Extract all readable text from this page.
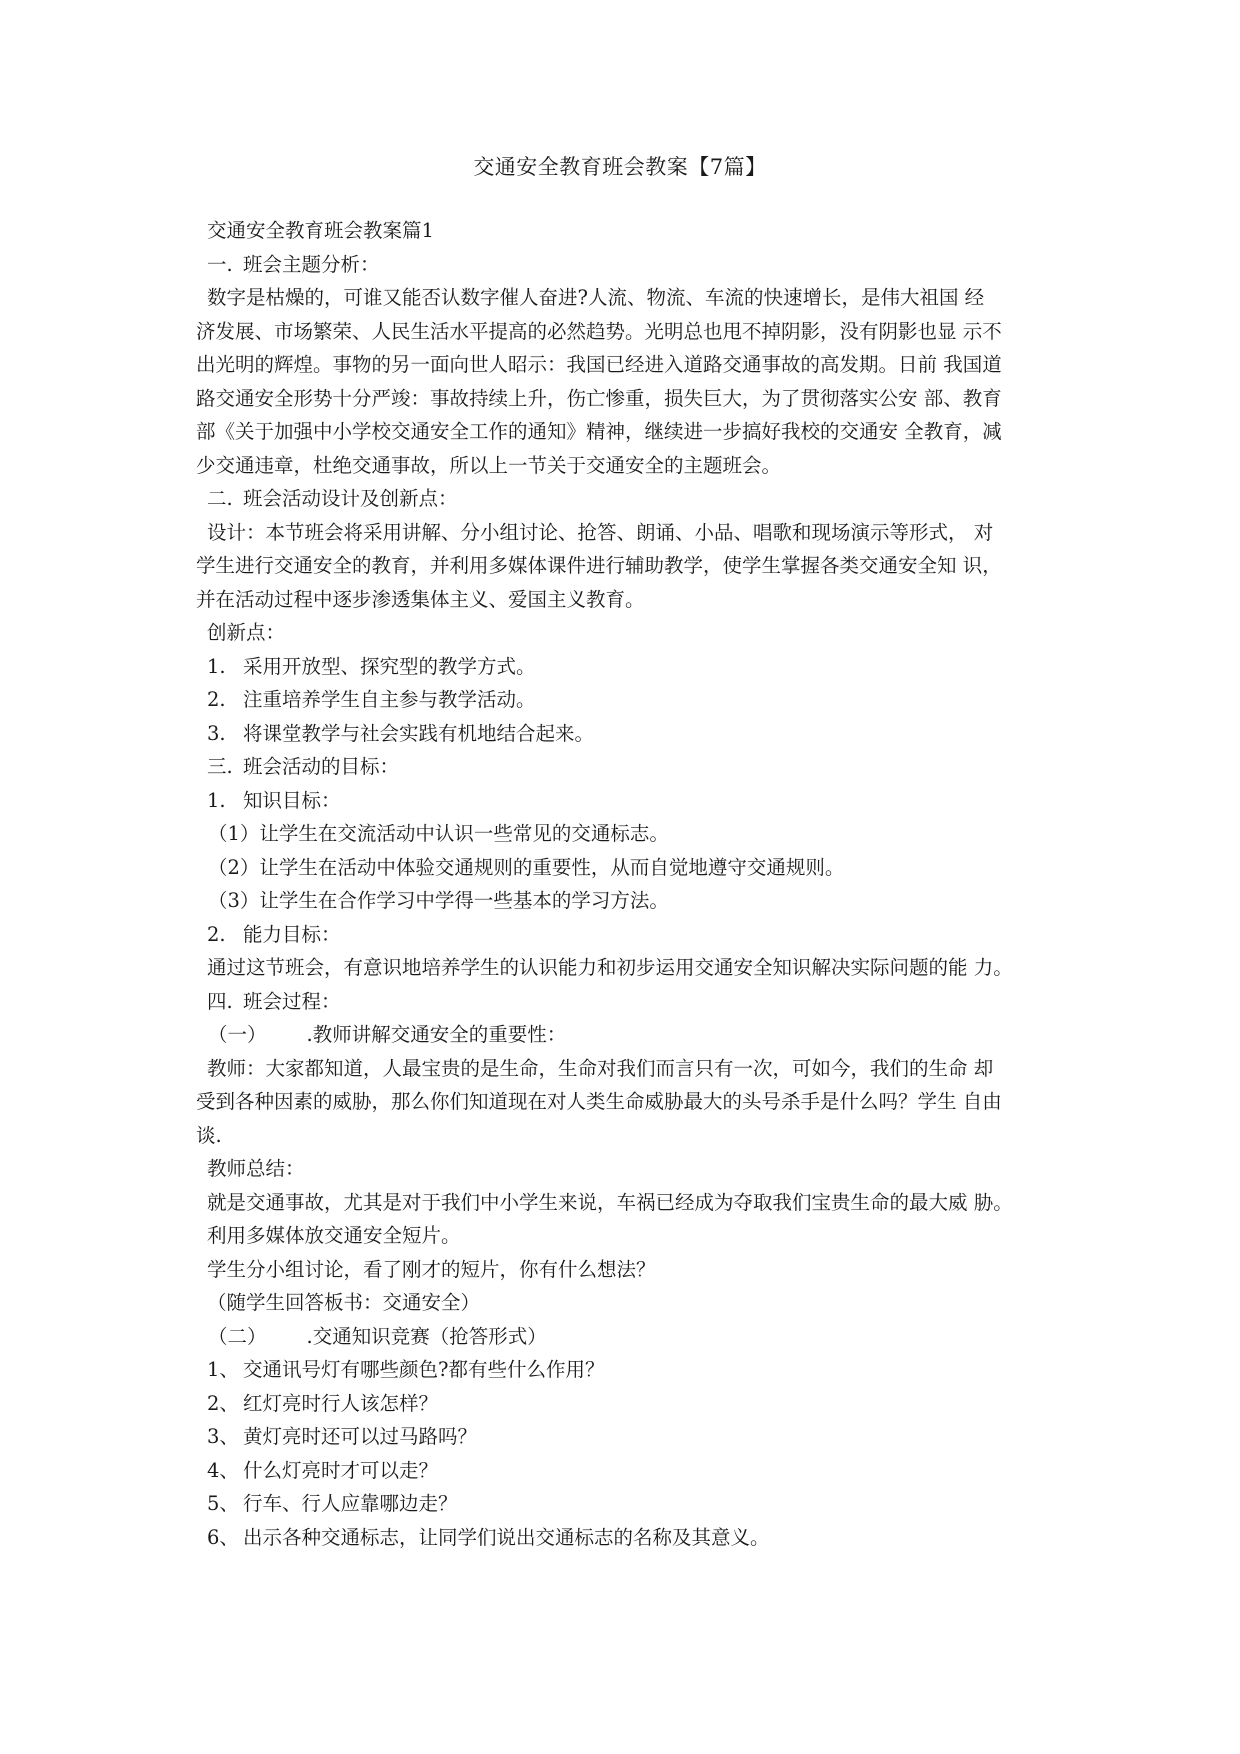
交通安全教育班会教案【7篇】
交通安全教育班会教案篇1
一. 班会主题分析：
数字是枯燥的，可谁又能否认数字催人奋进?人流、物流、车流的快速增长，是伟大祖国 经
济发展、市场繁荣、人民生活水平提高的必然趋势。光明总也甩不掉阴影，没有阴影也显 示不
出光明的辉煌。事物的另一面向世人昭示：我国已经进入道路交通事故的高发期。日前 我国道
路交通安全形势十分严竣：事故持续上升，伤亡惨重，损失巨大，为了贯彻落实公安 部、教育
部《关于加强中小学校交通安全工作的通知》精神，继续进一步搞好我校的交通安 全教育，减
少交通违章，杜绝交通事故，所以上一节关于交通安全的主题班会。
二. 班会活动设计及创新点：
设计：本节班会将采用讲解、分小组讨论、抢答、朗诵、小品、唱歌和现场演示等形式， 对
学生进行交通安全的教育，并利用多媒体课件进行辅助教学，使学生掌握各类交通安全知 识，
并在活动过程中逐步渗透集体主义、爱国主义教育。
创新点：
1. 采用开放型、探究型的教学方式。
2. 注重培养学生自主参与教学活动。
3. 将课堂教学与社会实践有机地结合起来。
三. 班会活动的目标：
1. 知识目标：
（1）让学生在交流活动中认识一些常见的交通标志。
（2）让学生在活动中体验交通规则的重要性，从而自觉地遵守交通规则。
（3）让学生在合作学习中学得一些基本的学习方法。
2. 能力目标：
通过这节班会，有意识地培养学生的认识能力和初步运用交通安全知识解决实际问题的能 力。
四. 班会过程：
（一） .教师讲解交通安全的重要性：
教师：大家都知道，人最宝贵的是生命，生命对我们而言只有一次，可如今，我们的生命 却
受到各种因素的威胁，那么你们知道现在对人类生命威胁最大的头号杀手是什么吗？学生 自由
谈.
教师总结：
就是交通事故，尤其是对于我们中小学生来说，车祸已经成为夺取我们宝贵生命的最大威 胁。
利用多媒体放交通安全短片。
学生分小组讨论，看了刚才的短片，你有什么想法？
（随学生回答板书：交通安全）
（二） .交通知识竞赛（抢答形式）
1、 交通讯号灯有哪些颜色?都有些什么作用？
2、 红灯亮时行人该怎样？
3、 黄灯亮时还可以过马路吗？
4、 什么灯亮时才可以走？
5、 行车、行人应靠哪边走？
6、 出示各种交通标志，让同学们说出交通标志的名称及其意义。
